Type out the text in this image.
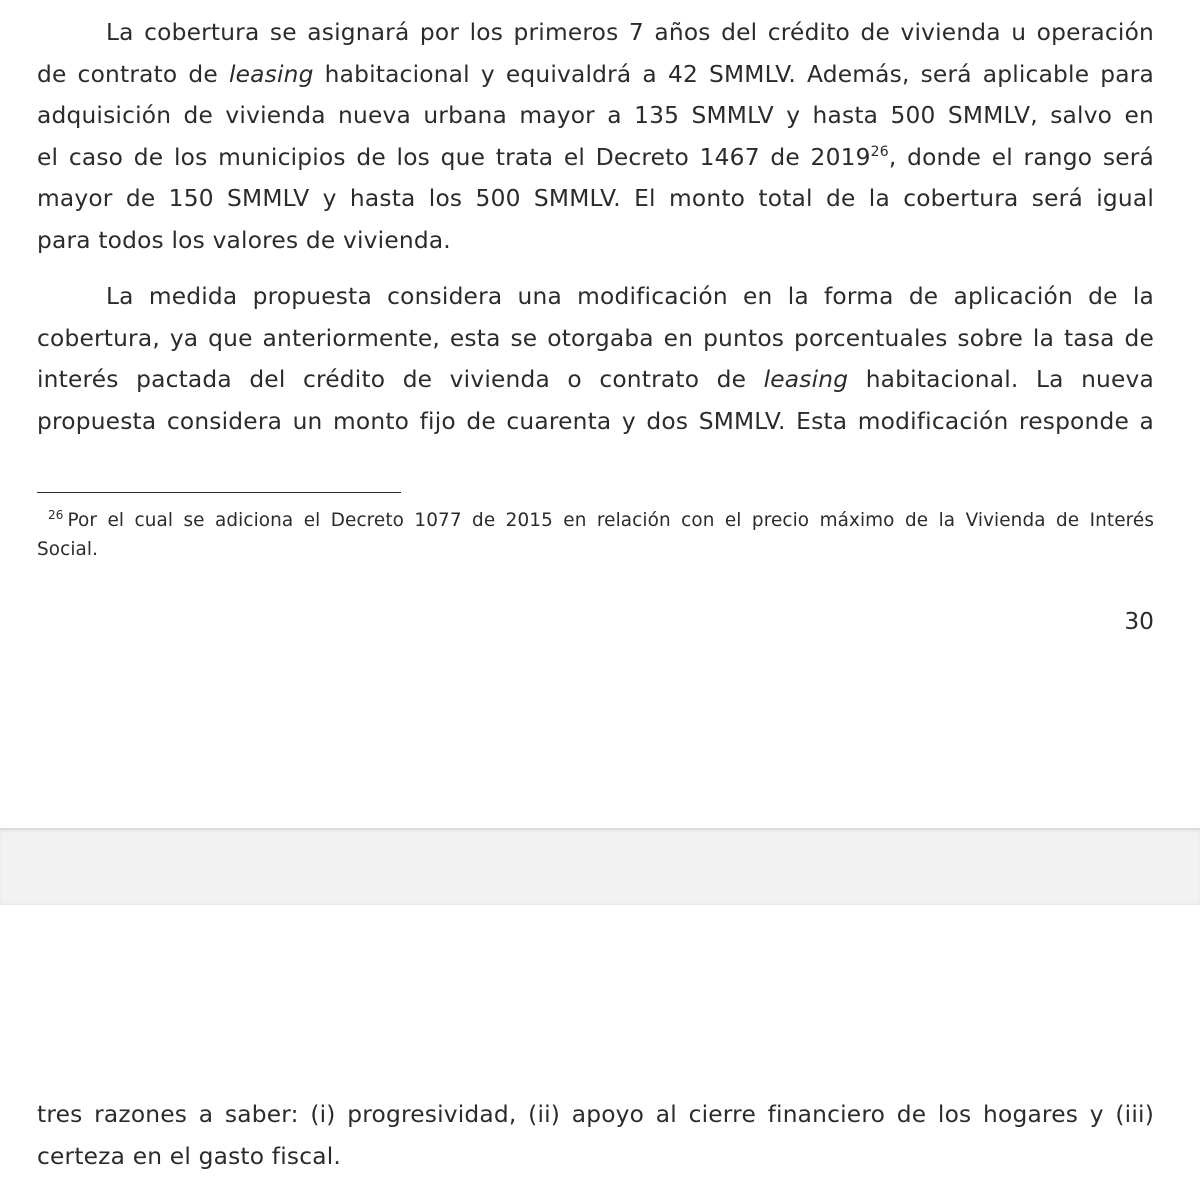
La cobertura se asignará por los primeros 7 años del crédito de vivienda u operación
de contrato de leasing habitacional y equivaldrá a 42 SMMLV. Además, será aplicable para
adquisición de vivienda nueva urbana mayor a 135 SMMLV y hasta 500 SMMLV, salvo en
el caso de los municipios de los que trata el Decreto 1467 de 2019$^{26}$, donde el rango será
mayor de 150 SMMLV y hasta los 500 SMMLV. El monto total de la cobertura será igual
para todos los valores de vivienda.

La medida propuesta considera una modificación en la forma de aplicación de la
cobertura, ya que anteriormente, esta se otorgaba en puntos porcentuales sobre la tasa de
interés pactada del crédito de vivienda o contrato de leasing habitacional. La nueva
propuesta considera un monto fijo de cuarenta y dos SMMLV. Esta modificación responde a

$^{26}$ Por el cual se adiciona el Decreto 1077 de 2015 en relación con el precio máximo de la Vivienda de Interés
Social.

30

tres razones a saber: (i) progresividad, (ii) apoyo al cierre financiero de los hogares y (iii)
certeza en el gasto fiscal.
